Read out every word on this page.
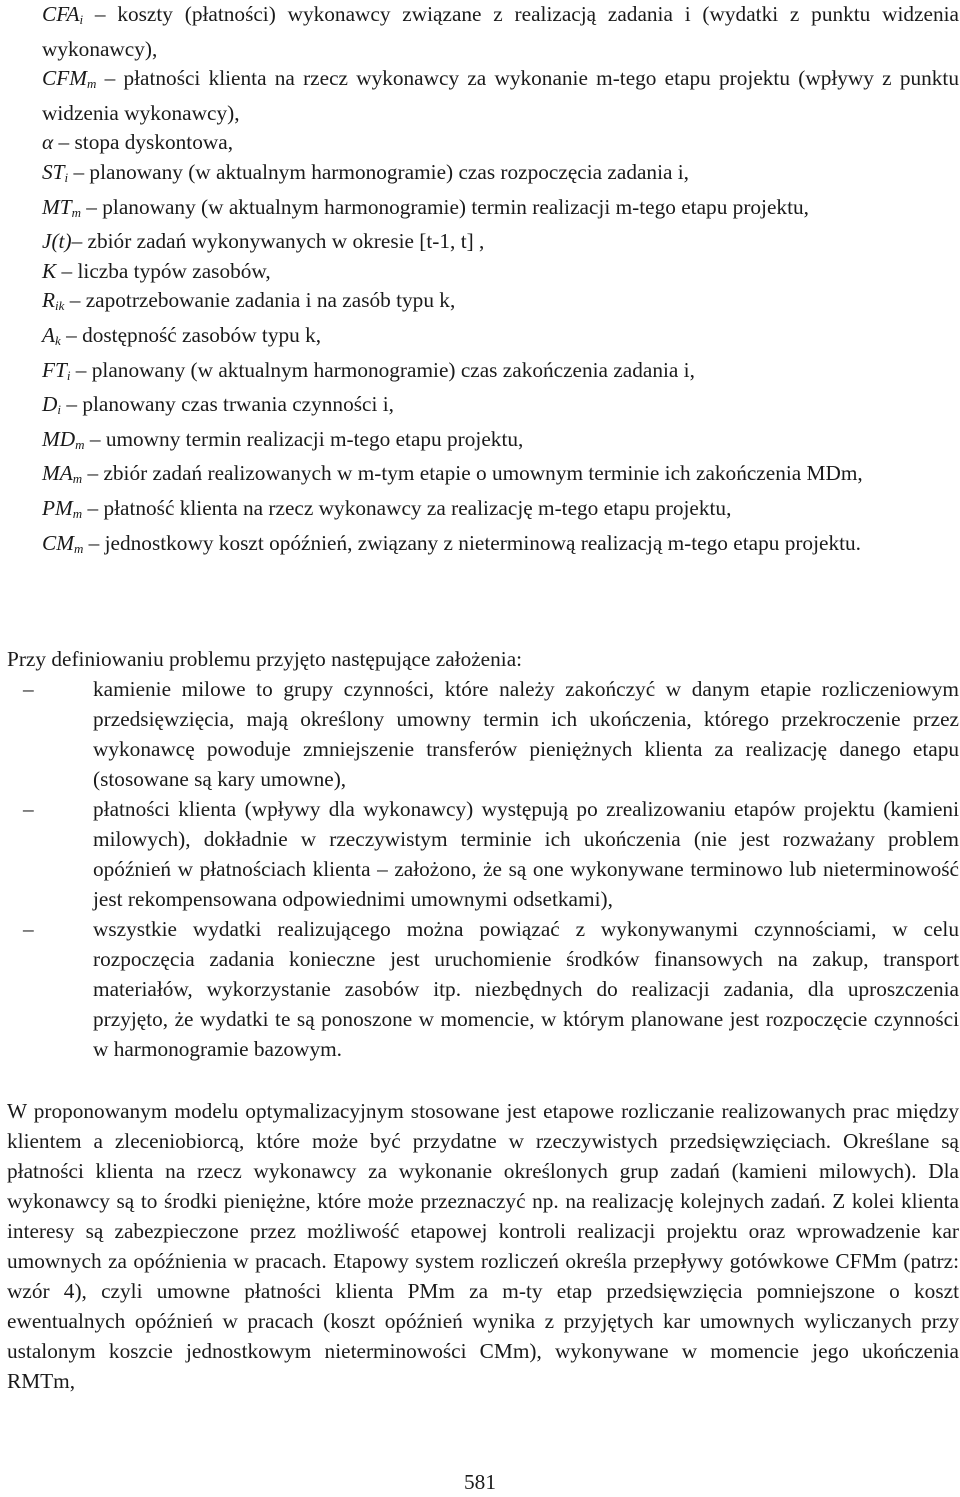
$CFA_i$ – koszty (płatności) wykonawcy związane z realizacją zadania i (wydatki z punktu widzenia wykonawcy),

$CFM_m$ – płatności klienta na rzecz wykonawcy za wykonanie m-tego etapu projektu (wpływy z punktu widzenia wykonawcy),

α – stopa dyskontowa,

$ST_i$ – planowany (w aktualnym harmonogramie) czas rozpoczęcia zadania i,

$MT_m$ – planowany (w aktualnym harmonogramie) termin realizacji m-tego etapu projektu,

J(t)– zbiór zadań wykonywanych w okresie [t-1, t] ,

K – liczba typów zasobów,

$R_{ik}$ – zapotrzebowanie zadania i na zasób typu k,

$A_k$ – dostępność zasobów typu k,

$FT_i$ – planowany (w aktualnym harmonogramie) czas zakończenia zadania i,

$D_i$ – planowany czas trwania czynności i,

$MD_m$ – umowny termin realizacji m-tego etapu projektu,

$MA_m$ – zbiór zadań realizowanych w m-tym etapie o umownym terminie ich zakończenia MDm,

$PM_m$ – płatność klienta na rzecz wykonawcy za realizację m-tego etapu projektu,

$CM_m$ – jednostkowy koszt opóźnień, związany z nieterminową realizacją m-tego etapu projektu.

Przy definiowaniu problemu przyjęto następujące założenia:

–	kamienie milowe to grupy czynności, które należy zakończyć w danym etapie rozliczeniowym przedsięwzięcia, mają określony umowny termin ich ukończenia, którego przekroczenie przez wykonawcę powoduje zmniejszenie transferów pieniężnych klienta za realizację danego etapu (stosowane są kary umowne),
–	płatności klienta (wpływy dla wykonawcy) występują po zrealizowaniu etapów projektu (kamieni milowych), dokładnie w rzeczywistym terminie ich ukończenia (nie jest rozważany problem opóźnień w płatnościach klienta – założono, że są one wykonywane terminowo lub nieterminowość jest rekompensowana odpowiednimi umownymi odsetkami),
–	wszystkie wydatki realizującego można powiązać z wykonywanymi czynnościami, w celu rozpoczęcia zadania konieczne jest uruchomienie środków finansowych na zakup, transport materiałów, wykorzystanie zasobów itp. niezbędnych do realizacji zadania, dla uproszczenia przyjęto, że wydatki te są ponoszone w momencie, w którym planowane jest rozpoczęcie czynności w harmonogramie bazowym.

W proponowanym modelu optymalizacyjnym stosowane jest etapowe rozliczanie realizowanych prac między klientem a zleceniobiorcą, które może być przydatne w rzeczywistych przedsięwzięciach. Określane są płatności klienta na rzecz wykonawcy za wykonanie określonych grup zadań (kamieni milowych). Dla wykonawcy są to środki pieniężne, które może przeznaczyć np. na realizację kolejnych zadań. Z kolei klienta interesy są zabezpieczone przez możliwość etapowej kontroli realizacji projektu oraz wprowadzenie kar umownych za opóźnienia w pracach. Etapowy system rozliczeń określa przepływy gotówkowe CFMm (patrz: wzór 4), czyli umowne płatności klienta PMm za m-ty etap przedsięwzięcia pomniejszone o koszt ewentualnych opóźnień w pracach (koszt opóźnień wynika z przyjętych kar umownych wyliczanych przy ustalonym koszcie jednostkowym nieterminowości CMm), wykonywane w momencie jego ukończenia RMTm,

581
